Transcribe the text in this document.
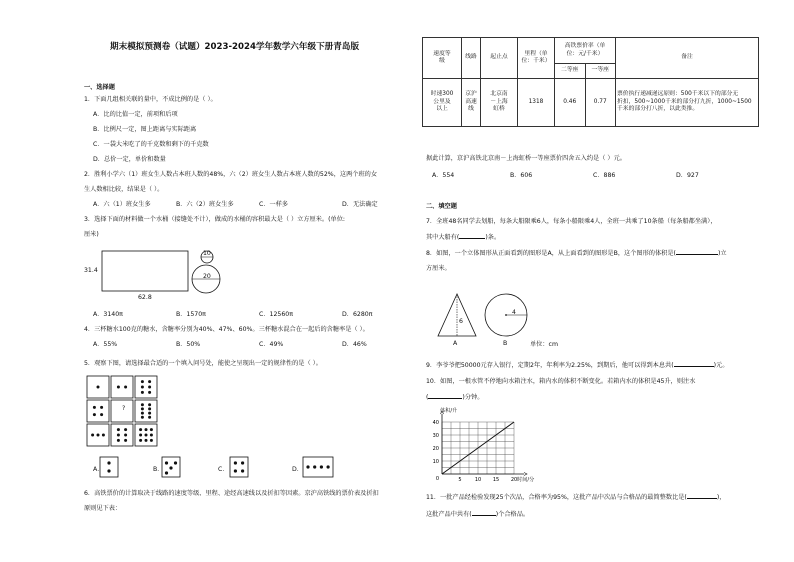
期末模拟预测卷（试题）2023-2024学年数学六年级下册青岛版
一、选择题
1．下面几组相关联的量中，不成比例的是（ ）。
A．比的比值一定，前项和后项
B．比例尺一定，图上距离与实际距离
C．一袋大米吃了的千克数和剩下的千克数
D．总价一定，单价和数量
2．胜利小学六（1）班女生人数占本班人数的48%，六（2）班女生人数占本班人数的52%，这两个班的女
生人数相比较，结果是（ ）。
A．六（1）班女生多	B．六（2）班女生多	C．一样多	D．无法确定
3．选择下面的材料做一个水桶（接缝处不计），做成的水桶的容积最大是（ ）立方厘米。(单位:
厘米)
31.4
62.8
10
20
A．3140π	B．1570π	C．12560π	D．6280π
4．三杯糖水100克的糖水，含糖率分别为40%、47%、60%。三杯糖水混合在一起后的含糖率是（ ）。
A．55%	B．50%	C．49%	D．46%
5．观察下图，请选择最合适的一个填入问号处，能使之呈现出一定的规律性的是（ ）。
?
A．	B．	C．	D．
6．高铁票价的计算取决于线路的速度等级、里程、途经高速线以及折扣等因素。京沪高铁线的票价表及折扣
原则见下表：
速度等
级	线路	起止点	里程（单
位：千米）	高铁票价率（单
位：元/千米）		备注
				二等座	一等座	
时速300
公里及
以上	京沪
高速
线	北京南
－上海
虹桥	1318	0.46	0.77	票价执行递减递远原则：500千米以下的部分无
折扣，500~1000千米的部分打九折，1000~1500
千米的部分打八折，以此类推。
据此计算，京沪高铁北京南－上海虹桥一等座票价四舍五入约是（ ）元。
A．554	B．606	C．886	D．927
二、填空题
7．全班48名同学去划船，每条大船限乘6人，每条小船限乘4人，全班一共乘了10条船（每条船都坐满），
其中大船有(	)条。
8．如图，一个立体图形从正面看到的图形是A，从上面看到的图形是B，这个图形的体积是(	)立
方厘米。
6
4
A	B	单位：cm
9．李爷爷把50000元存入银行，定期2年，年利率为2.25%，到期后，他可以得到本息共(	)元。
10．如图，一根水管不停地向水箱注水，箱内水的体积不断变化。若箱内水的体积是45升，则注水
(	)分钟。
10
20
30
40
5	10 15 20
0
体积/升
时间/分
11．一批产品经检验发现25个次品，合格率为95%，这批产品中次品与合格品的最简整数比是(	)，
这批产品中共有(	)个合格品。
